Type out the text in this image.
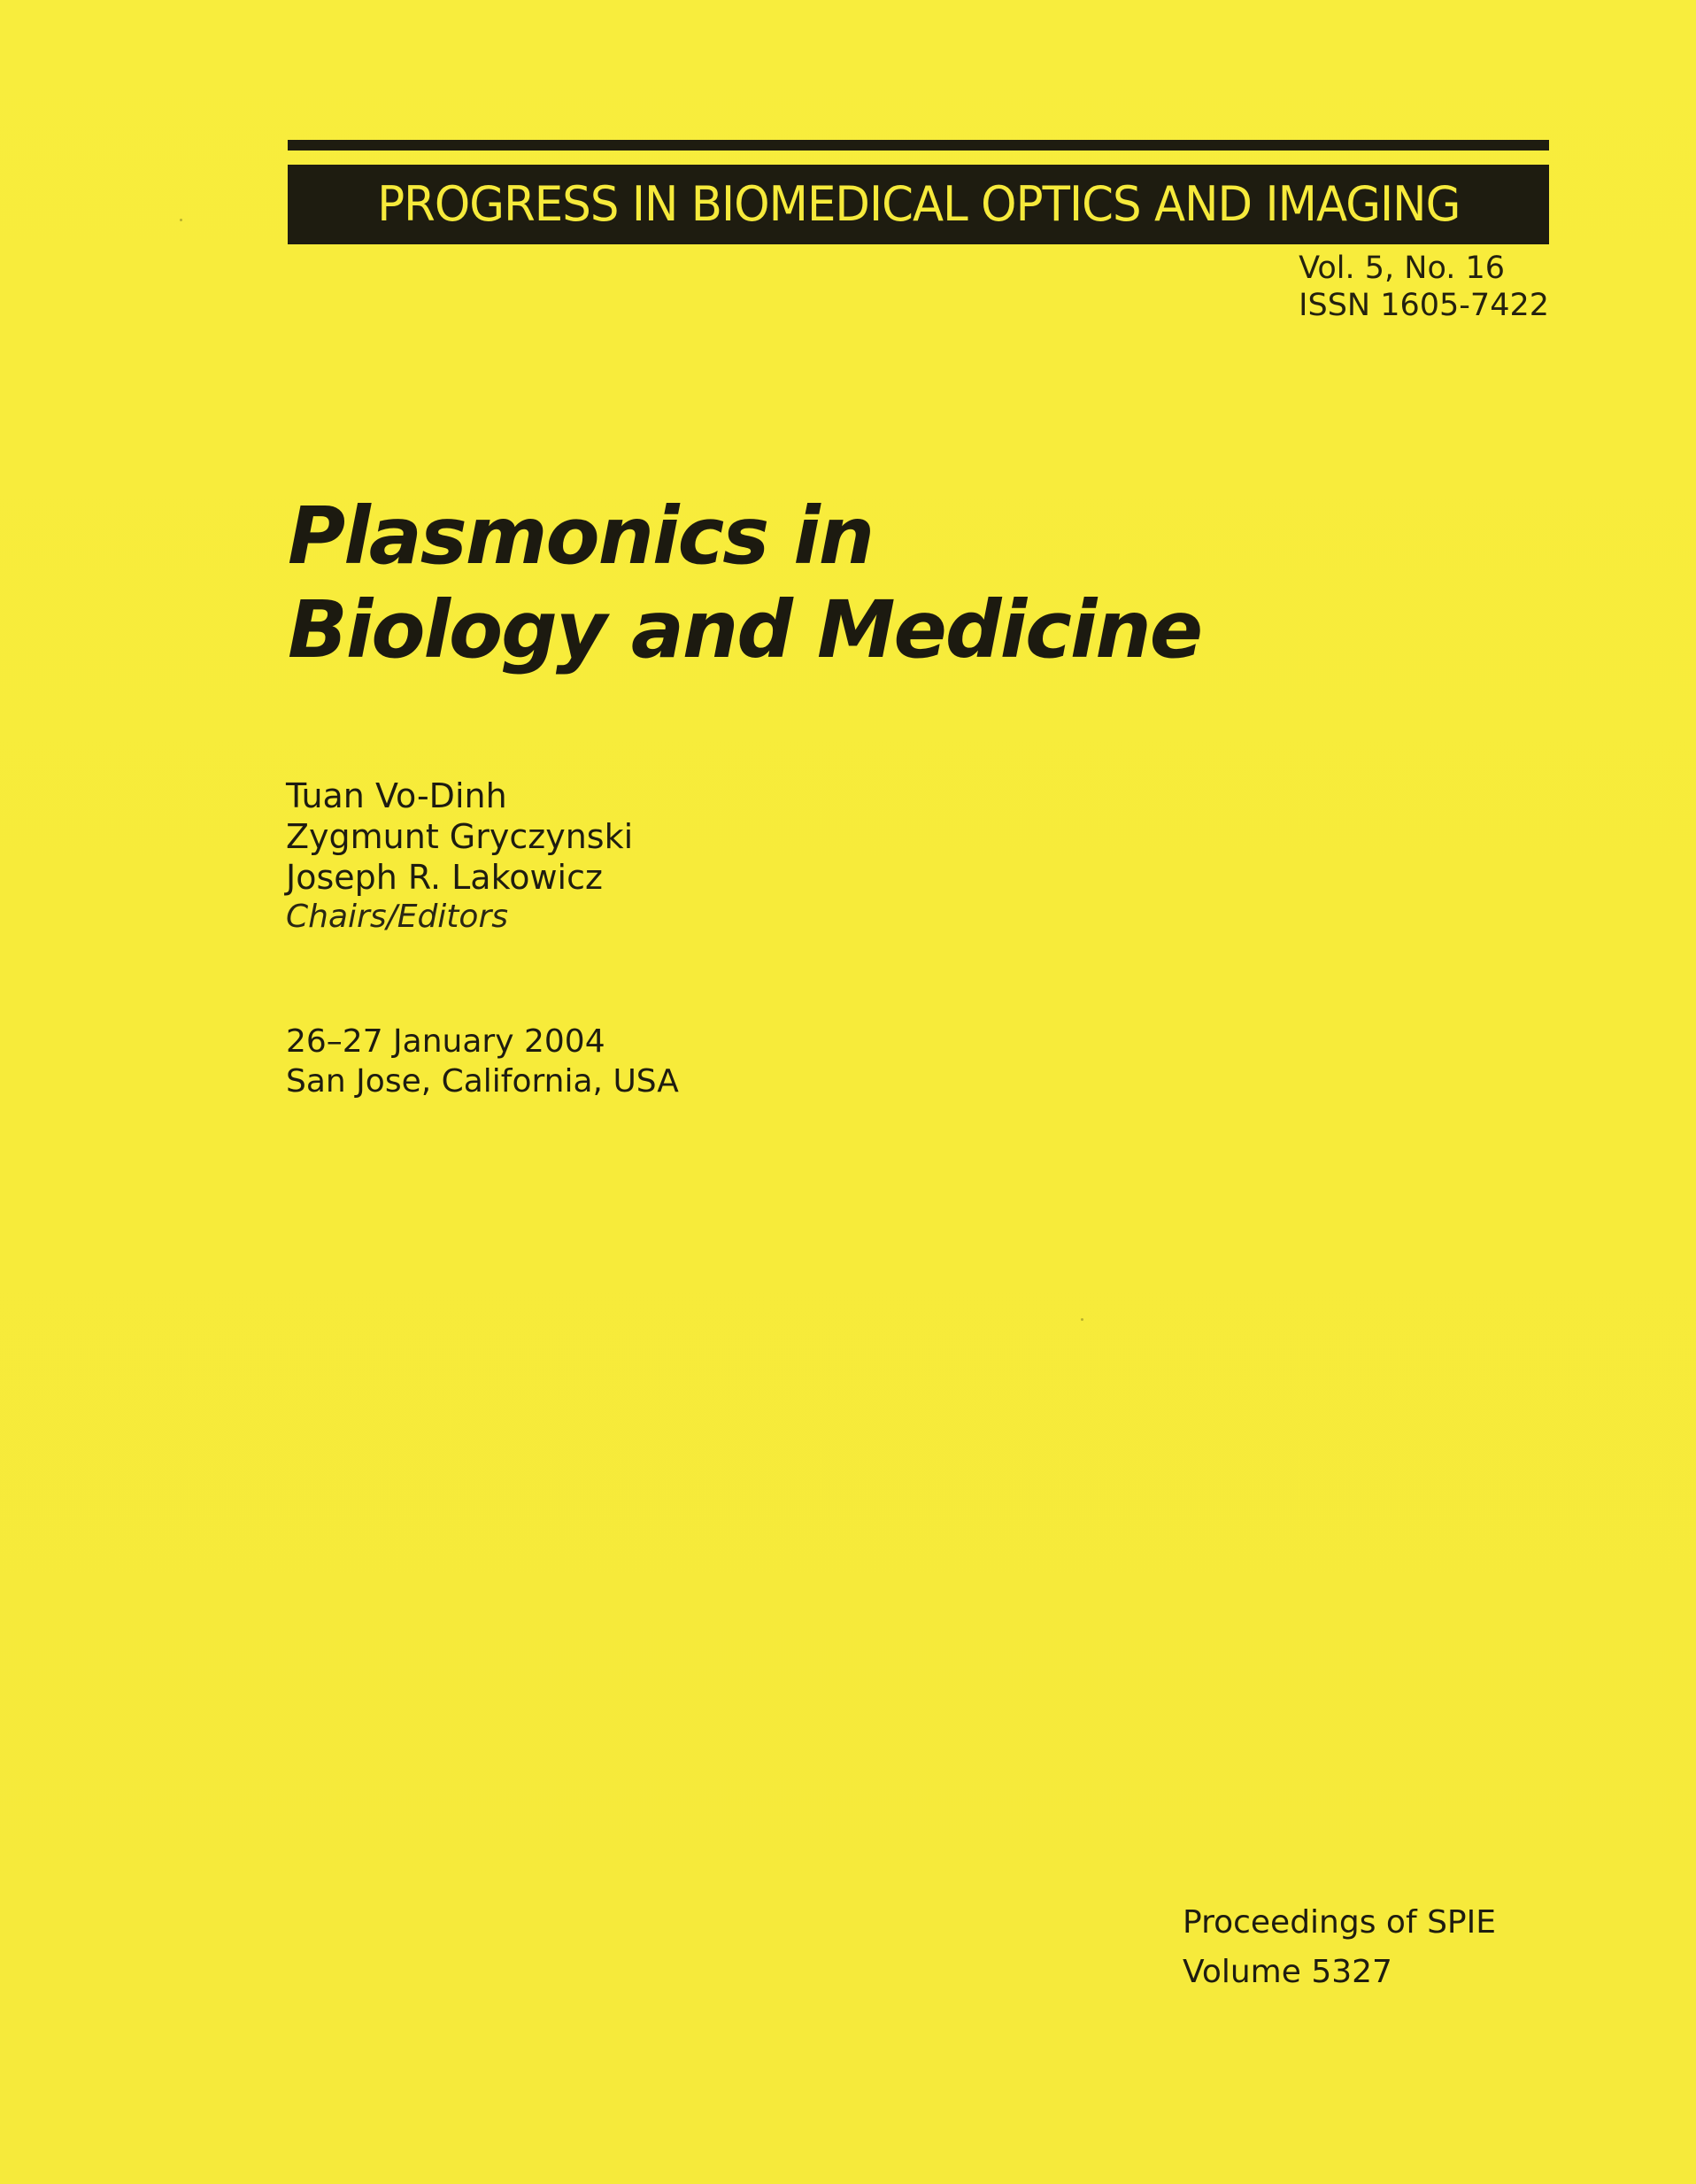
PROGRESS IN BIOMEDICAL OPTICS AND IMAGING
Vol. 5, No. 16
ISSN 1605-7422
Plasmonics in
Biology and Medicine
Tuan Vo-Dinh
Zygmunt Gryczynski
Joseph R. Lakowicz
Chairs/Editors
26–27 January 2004
San Jose, California, USA
Proceedings of SPIE
Volume 5327
